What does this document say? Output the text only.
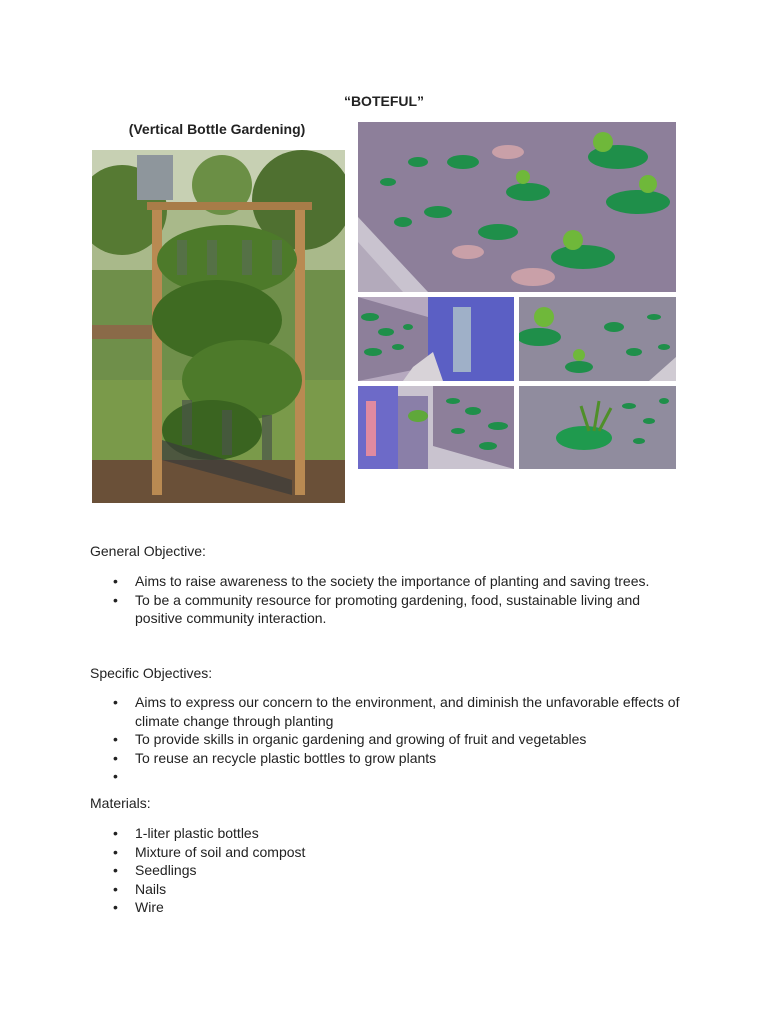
“BOTEFUL”
(Vertical Bottle Gardening)
General Objective:
• Aims to raise awareness to the society the importance of planting and saving trees.
• To be a community resource for promoting gardening, food, sustainable living and positive community interaction.
Specific Objectives:
• Aims to express our concern to the environment, and diminish the unfavorable effects of climate change through planting
• To provide skills in organic gardening and growing of fruit and vegetables
• To reuse an recycle plastic bottles to grow plants
•
Materials:
• 1-liter plastic bottles
• Mixture of soil and compost
• Seedlings
• Nails
• Wire
